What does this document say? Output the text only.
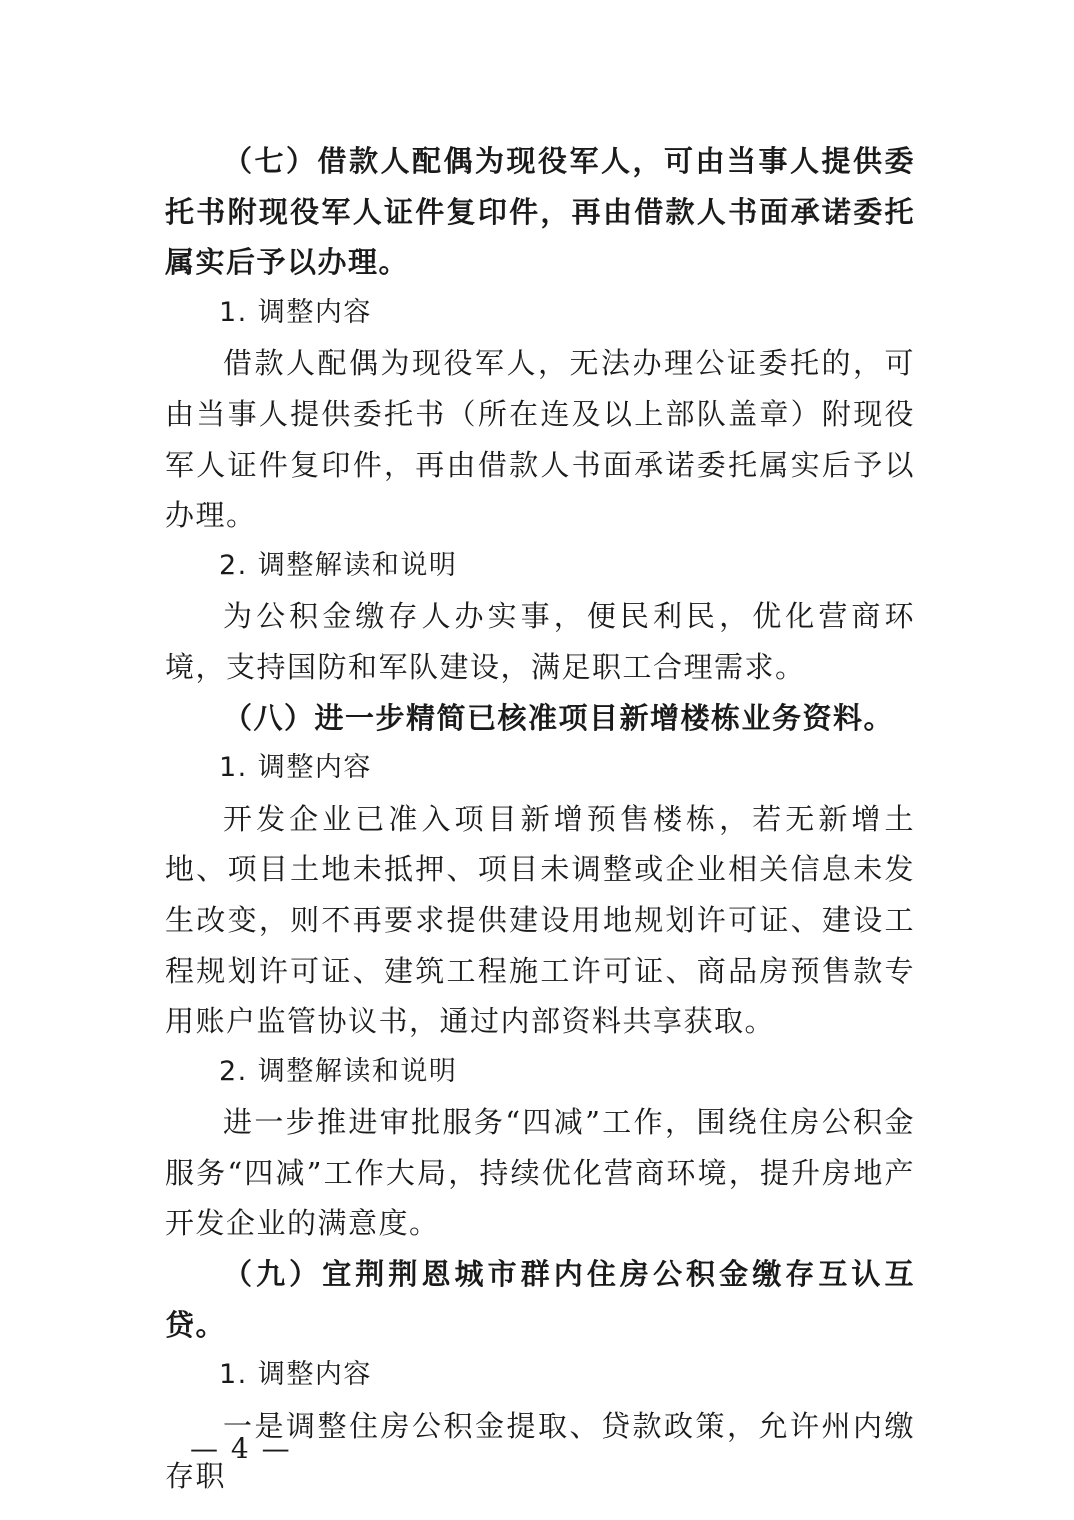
（七）借款人配偶为现役军人，可由当事人提供委托书附现役军人证件复印件，再由借款人书面承诺委托属实后予以办理。

1. 调整内容

借款人配偶为现役军人，无法办理公证委托的，可由当事人提供委托书（所在连及以上部队盖章）附现役军人证件复印件，再由借款人书面承诺委托属实后予以办理。

2. 调整解读和说明

为公积金缴存人办实事，便民利民，优化营商环境，支持国防和军队建设，满足职工合理需求。

（八）进一步精简已核准项目新增楼栋业务资料。

1. 调整内容

开发企业已准入项目新增预售楼栋，若无新增土地、项目土地未抵押、项目未调整或企业相关信息未发生改变，则不再要求提供建设用地规划许可证、建设工程规划许可证、建筑工程施工许可证、商品房预售款专用账户监管协议书，通过内部资料共享获取。

2. 调整解读和说明

进一步推进审批服务“四减”工作，围绕住房公积金服务“四减”工作大局，持续优化营商环境，提升房地产开发企业的满意度。

（九）宜荆荆恩城市群内住房公积金缴存互认互贷。

1. 调整内容

一是调整住房公积金提取、贷款政策，允许州内缴存职

— 4 —
